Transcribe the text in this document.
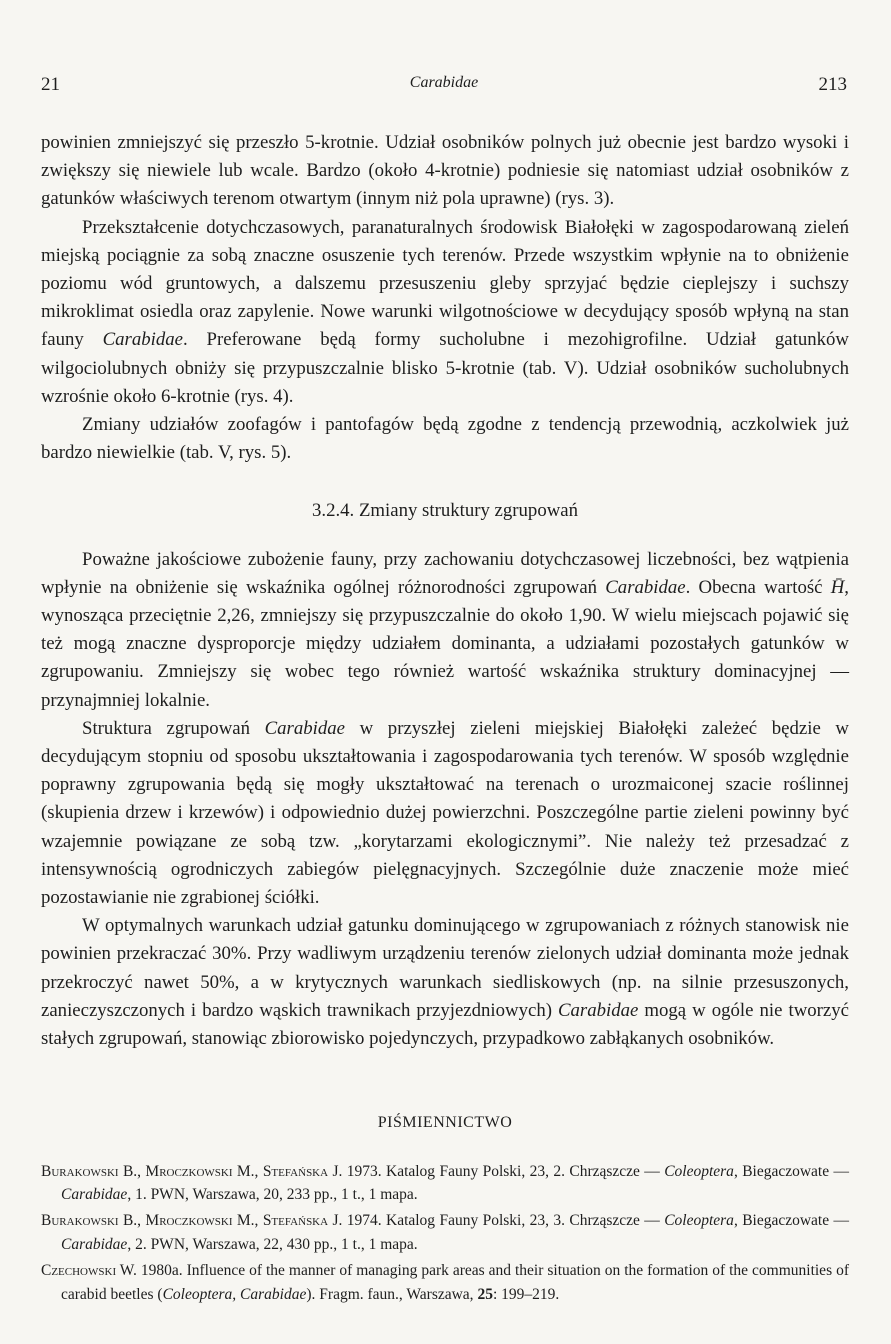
21	Carabidae	213

powinien zmniejszyć się przeszło 5-krotnie. Udział osobników polnych już obecnie jest bardzo wysoki i zwiększy się niewiele lub wcale. Bardzo (około 4-krotnie) podniesie się natomiast udział osobników z gatunków właściwych terenom otwartym (innym niż pola uprawne) (rys. 3).

Przekształcenie dotychczasowych, paranaturalnych środowisk Białołęki w zagospodarowaną zieleń miejską pociągnie za sobą znaczne osuszenie tych terenów. Przede wszystkim wpłynie na to obniżenie poziomu wód gruntowych, a dalszemu przesuszeniu gleby sprzyjać będzie cieplejszy i suchszy mikroklimat osiedla oraz zapylenie. Nowe warunki wilgotnościowe w decydujący sposób wpłyną na stan fauny Carabidae. Preferowane będą formy sucholubne i mezohigrofilne. Udział gatunków wilgociolubnych obniży się przypuszczalnie blisko 5-krotnie (tab. V). Udział osobników sucholubnych wzrośnie około 6-krotnie (rys. 4).

Zmiany udziałów zoofagów i pantofagów będą zgodne z tendencją przewodnią, aczkolwiek już bardzo niewielkie (tab. V, rys. 5).

3.2.4. Zmiany struktury zgrupowań

Poważne jakościowe zubożenie fauny, przy zachowaniu dotychczasowej liczebności, bez wątpienia wpłynie na obniżenie się wskaźnika ogólnej różnorodności zgrupowań Carabidae. Obecna wartość H̄, wynosząca przeciętnie 2,26, zmniejszy się przypuszczalnie do około 1,90. W wielu miejscach pojawić się też mogą znaczne dysproporcje między udziałem dominanta, a udziałami pozostałych gatunków w zgrupowaniu. Zmniejszy się wobec tego również wartość wskaźnika struktury dominacyjnej — przynajmniej lokalnie.

Struktura zgrupowań Carabidae w przyszłej zieleni miejskiej Białołęki zależeć będzie w decydującym stopniu od sposobu ukształtowania i zagospodarowania tych terenów. W sposób względnie poprawny zgrupowania będą się mogły ukształtować na terenach o urozmaiconej szacie roślinnej (skupienia drzew i krzewów) i odpowiednio dużej powierzchni. Poszczególne partie zieleni powinny być wzajemnie powiązane ze sobą tzw. „korytarzami ekologicznymi”. Nie należy też przesadzać z intensywnością ogrodniczych zabiegów pielęgnacyjnych. Szczególnie duże znaczenie może mieć pozostawianie nie zgrabionej ściółki.

W optymalnych warunkach udział gatunku dominującego w zgrupowaniach z różnych stanowisk nie powinien przekraczać 30%. Przy wadliwym urządzeniu terenów zielonych udział dominanta może jednak przekroczyć nawet 50%, a w krytycznych warunkach siedliskowych (np. na silnie przesuszonych, zanieczyszczonych i bardzo wąskich trawnikach przyjezdniowych) Carabidae mogą w ogóle nie tworzyć stałych zgrupowań, stanowiąc zbiorowisko pojedynczych, przypadkowo zabłąkanych osobników.

PIŚMIENNICTWO

Burakowski B., Mroczkowski M., Stefańska J. 1973. Katalog Fauny Polski, 23, 2. Chrząszcze — Coleoptera, Biegaczowate — Carabidae, 1. PWN, Warszawa, 20, 233 pp., 1 t., 1 mapa.

Burakowski B., Mroczkowski M., Stefańska J. 1974. Katalog Fauny Polski, 23, 3. Chrząszcze — Coleoptera, Biegaczowate — Carabidae, 2. PWN, Warszawa, 22, 430 pp., 1 t., 1 mapa.

Czechowski W. 1980a. Influence of the manner of managing park areas and their situation on the formation of the communities of carabid beetles (Coleoptera, Carabidae). Fragm. faun., Warszawa, 25: 199–219.
